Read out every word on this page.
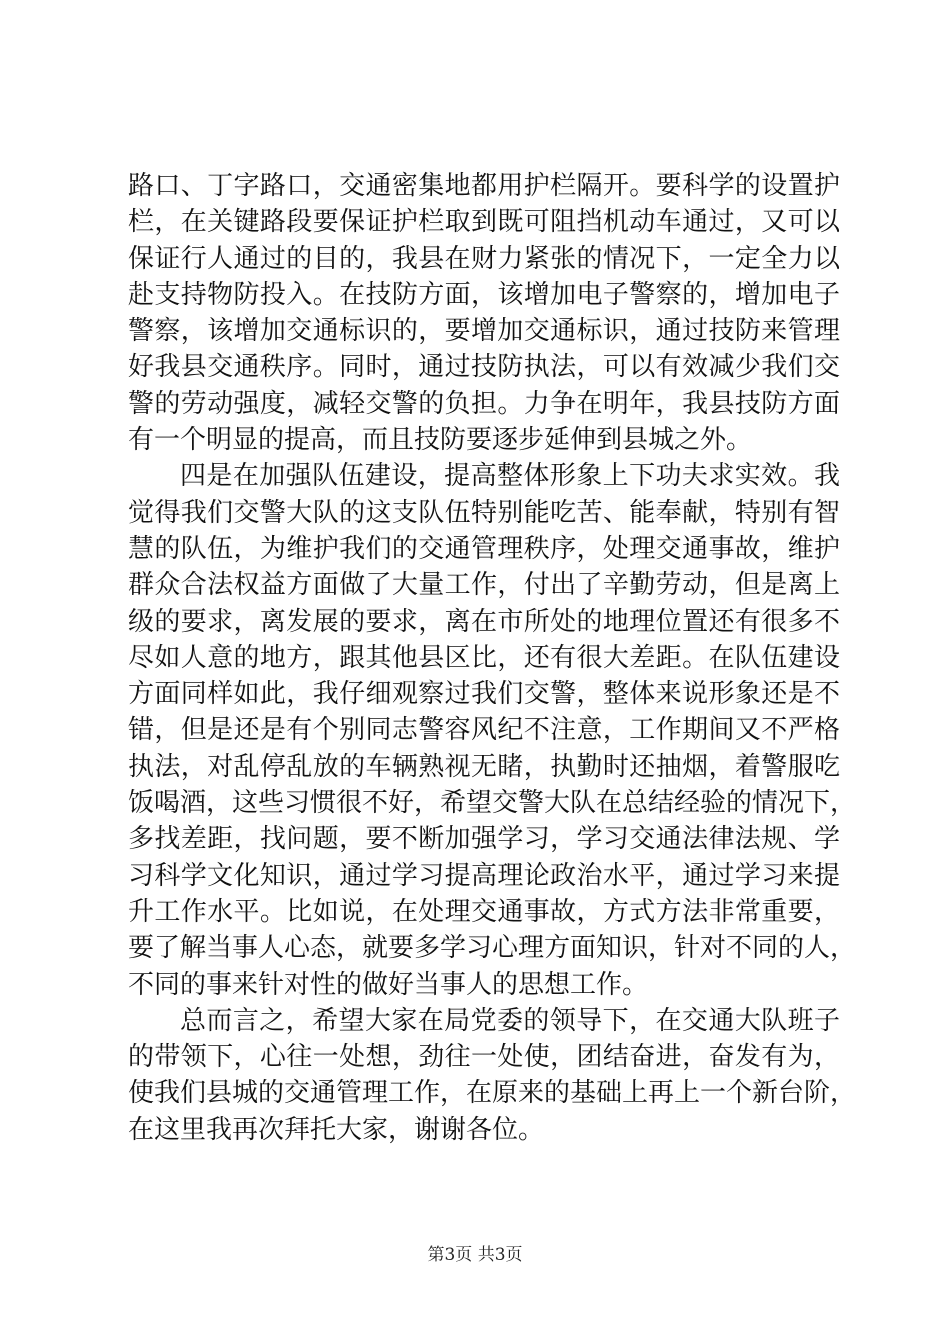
路口、丁字路口，交通密集地都用护栏隔开。要科学的设置护
栏，在关键路段要保证护栏取到既可阻挡机动车通过，又可以
保证行人通过的目的，我县在财力紧张的情况下，一定全力以
赴支持物防投入。在技防方面，该增加电子警察的，增加电子
警察，该增加交通标识的，要增加交通标识，通过技防来管理
好我县交通秩序。同时，通过技防执法，可以有效减少我们交
警的劳动强度，减轻交警的负担。力争在明年，我县技防方面
有一个明显的提高，而且技防要逐步延伸到县城之外。
四是在加强队伍建设，提高整体形象上下功夫求实效。我
觉得我们交警大队的这支队伍特别能吃苦、能奉献，特别有智
慧的队伍，为维护我们的交通管理秩序，处理交通事故，维护
群众合法权益方面做了大量工作，付出了辛勤劳动，但是离上
级的要求，离发展的要求，离在市所处的地理位置还有很多不
尽如人意的地方，跟其他县区比，还有很大差距。在队伍建设
方面同样如此，我仔细观察过我们交警，整体来说形象还是不
错，但是还是有个别同志警容风纪不注意，工作期间又不严格
执法，对乱停乱放的车辆熟视无睹，执勤时还抽烟，着警服吃
饭喝酒，这些习惯很不好，希望交警大队在总结经验的情况下，
多找差距，找问题，要不断加强学习，学习交通法律法规、学
习科学文化知识，通过学习提高理论政治水平，通过学习来提
升工作水平。比如说，在处理交通事故，方式方法非常重要，
要了解当事人心态，就要多学习心理方面知识，针对不同的人，
不同的事来针对性的做好当事人的思想工作。
总而言之，希望大家在局党委的领导下，在交通大队班子
的带领下，心往一处想，劲往一处使，团结奋进，奋发有为，
使我们县城的交通管理工作，在原来的基础上再上一个新台阶，
在这里我再次拜托大家，谢谢各位。
第3页 共3页
